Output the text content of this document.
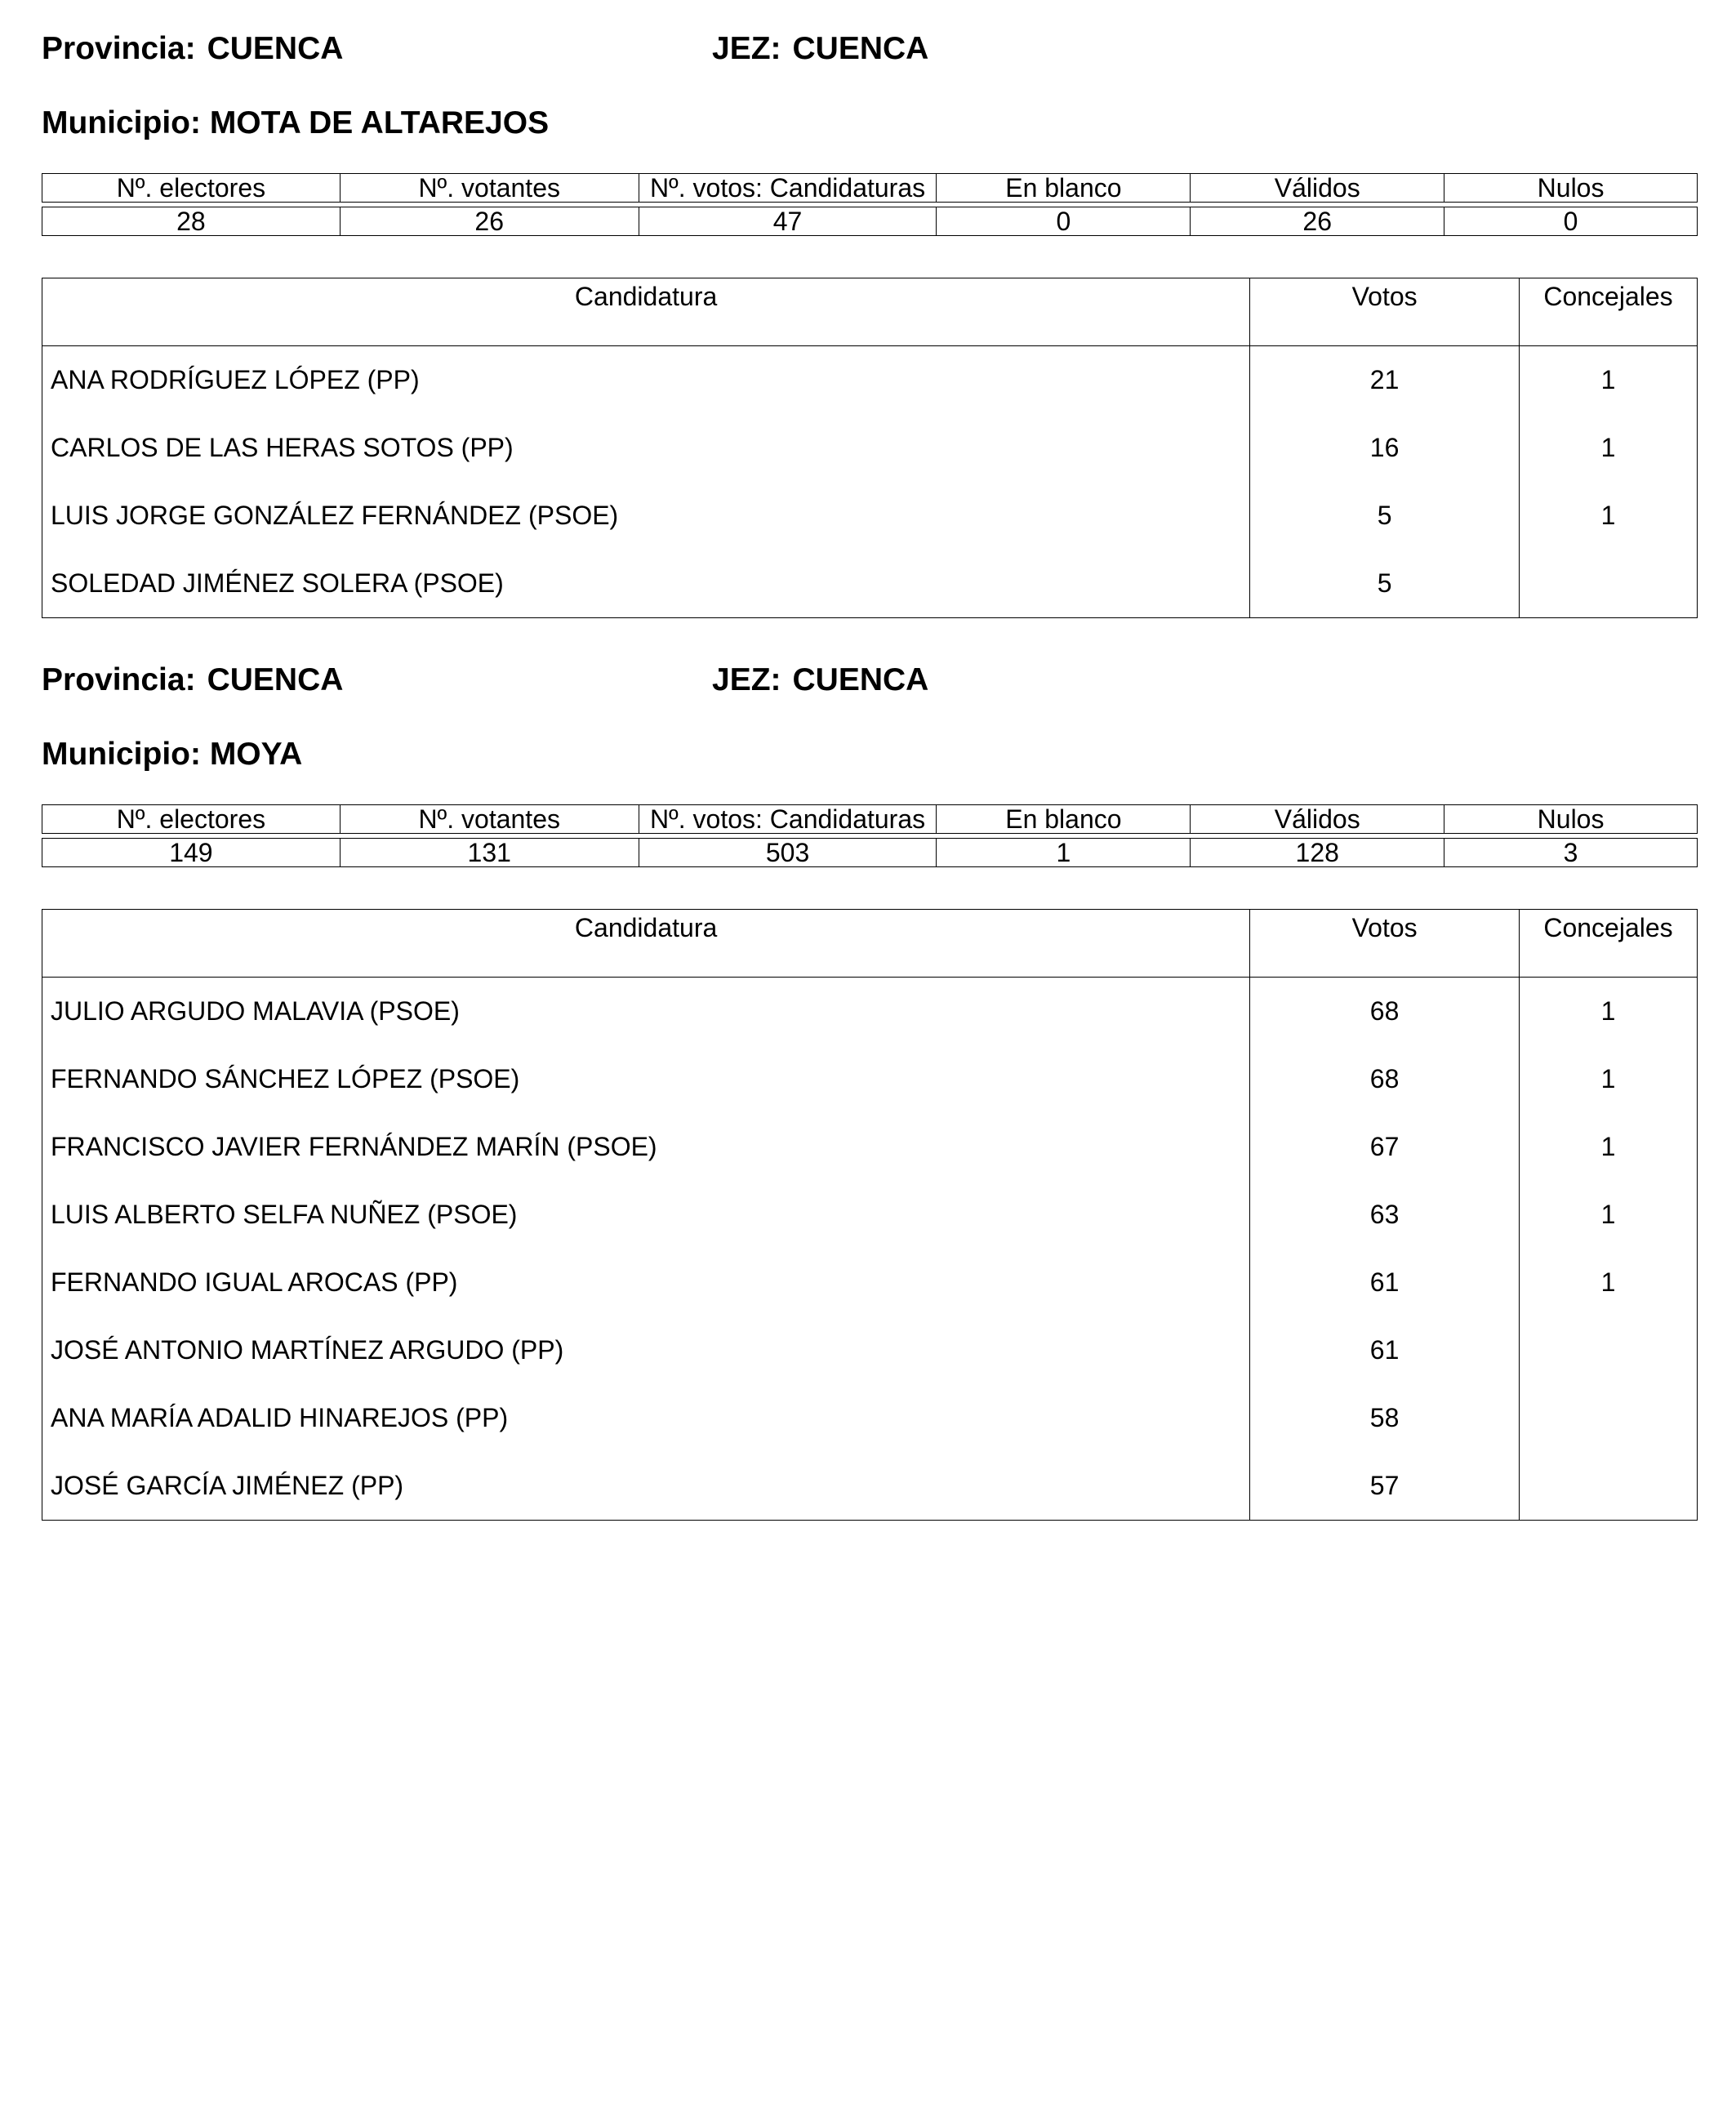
Provincia: CUENCA	JEZ: CUENCA
Municipio: MOTA DE ALTAREJOS
Nº. electores	Nº. votantes	Nº. votos: Candidaturas	En blanco	Válidos	Nulos

28	26	47	0	26	0
Candidatura	Votos	Concejales
ANA RODRÍGUEZ LÓPEZ (PP)	21	1
CARLOS DE LAS HERAS SOTOS (PP)	16	1
LUIS JORGE GONZÁLEZ FERNÁNDEZ (PSOE)	5	1
SOLEDAD JIMÉNEZ SOLERA (PSOE)	5	
Provincia: CUENCA	JEZ: CUENCA
Municipio: MOYA
Nº. electores	Nº. votantes	Nº. votos: Candidaturas	En blanco	Válidos	Nulos

149	131	503	1	128	3
Candidatura	Votos	Concejales
JULIO ARGUDO MALAVIA (PSOE)	68	1
FERNANDO SÁNCHEZ LÓPEZ (PSOE)	68	1
FRANCISCO JAVIER FERNÁNDEZ MARÍN (PSOE)	67	1
LUIS ALBERTO SELFA NUÑEZ (PSOE)	63	1
FERNANDO IGUAL AROCAS (PP)	61	1
JOSÉ ANTONIO MARTÍNEZ ARGUDO (PP)	61	
ANA MARÍA ADALID HINAREJOS (PP)	58	
JOSÉ GARCÍA JIMÉNEZ (PP)	57	
